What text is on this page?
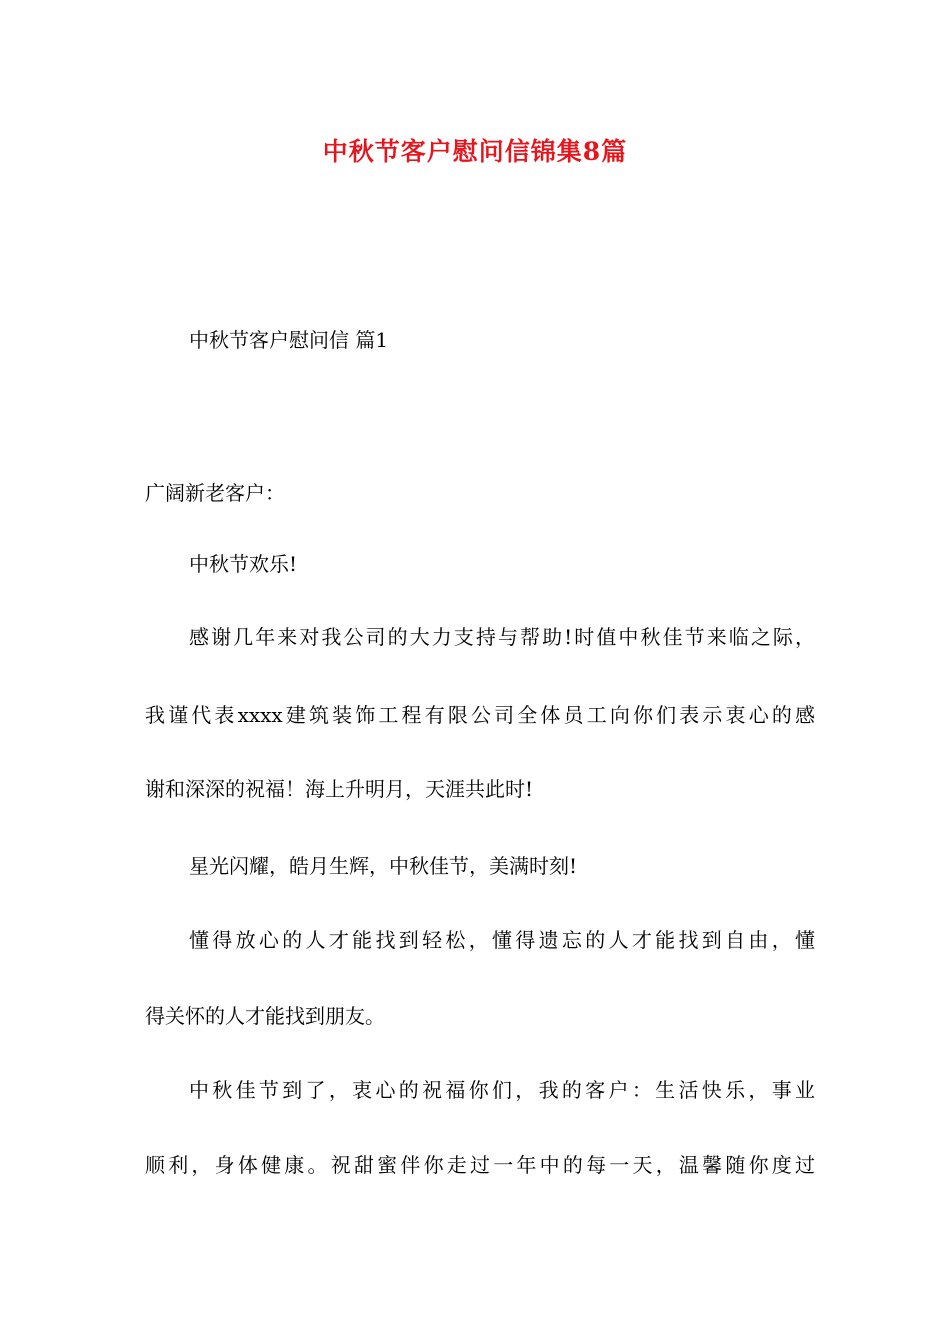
中秋节客户慰问信锦集8篇

中秋节客户慰问信 篇1

广阔新老客户：

中秋节欢乐!

感谢几年来对我公司的大力支持与帮助!时值中秋佳节来临之际，

我谨代表xxxx建筑装饰工程有限公司全体员工向你们表示衷心的感

谢和深深的祝福！海上升明月，天涯共此时!

星光闪耀，皓月生辉，中秋佳节，美满时刻!

懂得放心的人才能找到轻松，懂得遗忘的人才能找到自由，懂

得关怀的人才能找到朋友。

中秋佳节到了，衷心的祝福你们，我的客户：生活快乐，事业

顺利，身体健康。祝甜蜜伴你走过一年中的每一天，温馨随你度过
